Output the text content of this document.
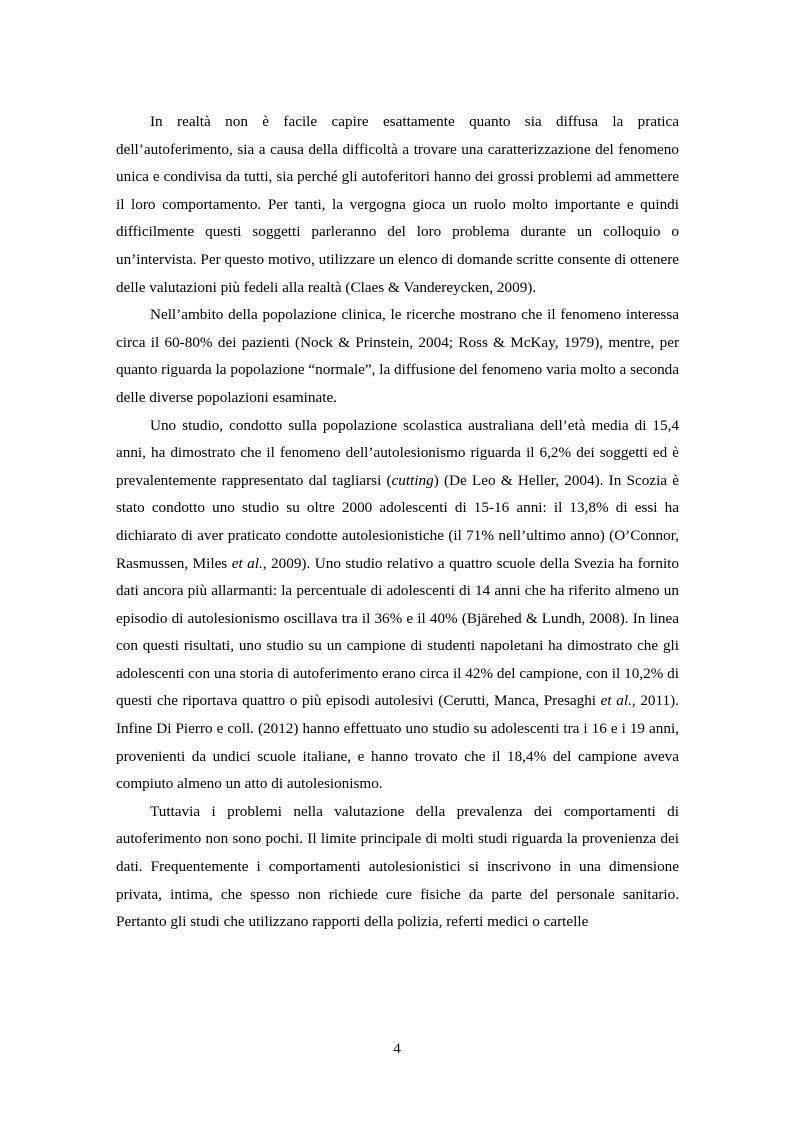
In realtà non è facile capire esattamente quanto sia diffusa la pratica dell’autoferimento, sia a causa della difficoltà a trovare una caratterizzazione del fenomeno unica e condivisa da tutti, sia perché gli autoferitori hanno dei grossi problemi ad ammettere il loro comportamento. Per tanti, la vergogna gioca un ruolo molto importante e quindi difficilmente questi soggetti parleranno del loro problema durante un colloquio o un’intervista. Per questo motivo, utilizzare un elenco di domande scritte consente di ottenere delle valutazioni più fedeli alla realtà (Claes & Vandereycken, 2009).

Nell’ambito della popolazione clinica, le ricerche mostrano che il fenomeno interessa circa il 60-80% dei pazienti (Nock & Prinstein, 2004; Ross & McKay, 1979), mentre, per quanto riguarda la popolazione “normale”, la diffusione del fenomeno varia molto a seconda delle diverse popolazioni esaminate.

Uno studio, condotto sulla popolazione scolastica australiana dell’età media di 15,4 anni, ha dimostrato che il fenomeno dell’autolesionismo riguarda il 6,2% dei soggetti ed è prevalentemente rappresentato dal tagliarsi (cutting) (De Leo & Heller, 2004). In Scozia è stato condotto uno studio su oltre 2000 adolescenti di 15-16 anni: il 13,8% di essi ha dichiarato di aver praticato condotte autolesionistiche (il 71% nell’ultimo anno) (O’Connor, Rasmussen, Miles et al., 2009). Uno studio relativo a quattro scuole della Svezia ha fornito dati ancora più allarmanti: la percentuale di adolescenti di 14 anni che ha riferito almeno un episodio di autolesionismo oscillava tra il 36% e il 40% (Bjärehed & Lundh, 2008). In linea con questi risultati, uno studio su un campione di studenti napoletani ha dimostrato che gli adolescenti con una storia di autoferimento erano circa il 42% del campione, con il 10,2% di questi che riportava quattro o più episodi autolesivi (Cerutti, Manca, Presaghi et al., 2011). Infine Di Pierro e coll. (2012) hanno effettuato uno studio su adolescenti tra i 16 e i 19 anni, provenienti da undici scuole italiane, e hanno trovato che il 18,4% del campione aveva compiuto almeno un atto di autolesionismo.

Tuttavia i problemi nella valutazione della prevalenza dei comportamenti di autoferimento non sono pochi. Il limite principale di molti studi riguarda la provenienza dei dati. Frequentemente i comportamenti autolesionistici si inscrivono in una dimensione privata, intima, che spesso non richiede cure fisiche da parte del personale sanitario. Pertanto gli studi che utilizzano rapporti della polizia, referti medici o cartelle

4
